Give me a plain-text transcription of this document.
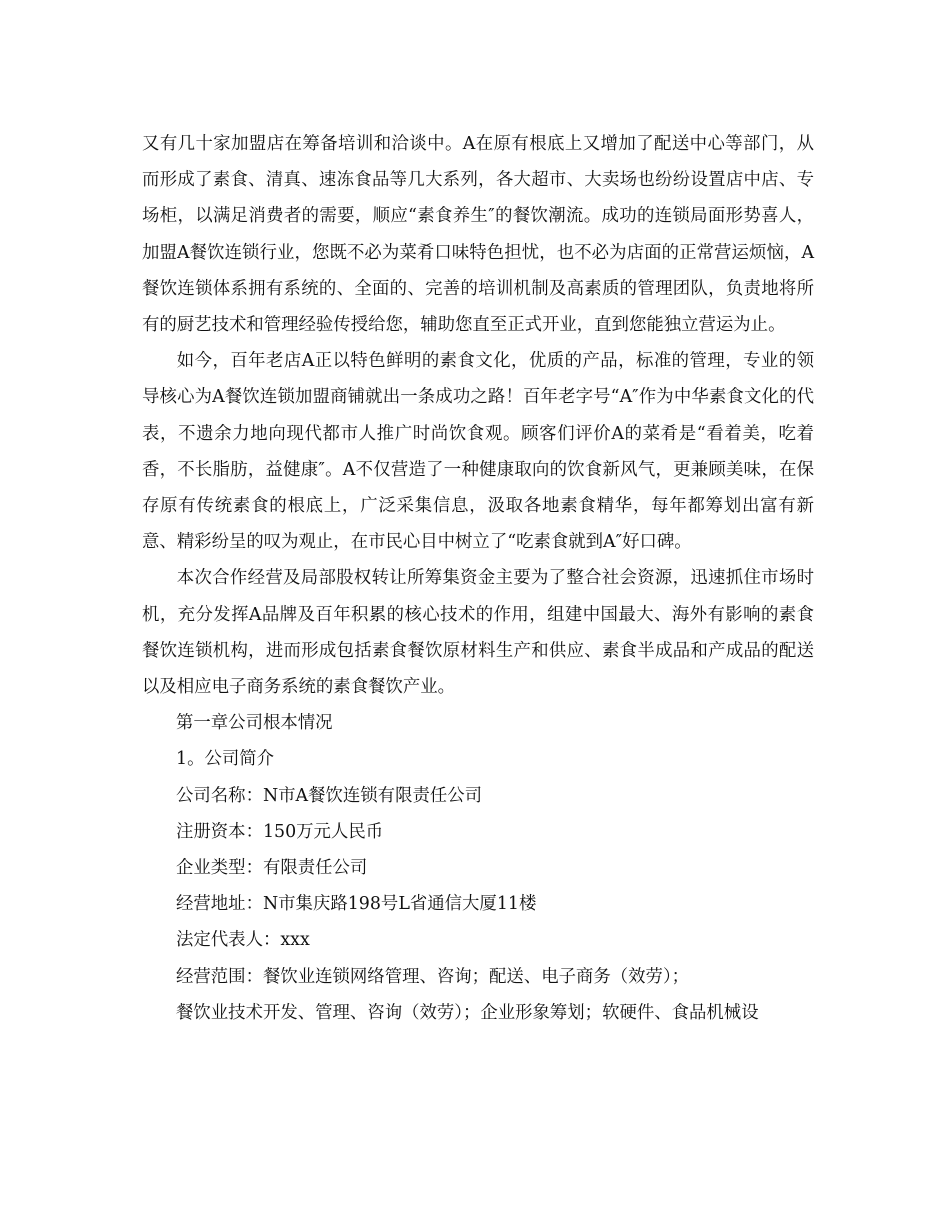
又有几十家加盟店在筹备培训和洽谈中。A在原有根底上又增加了配送中心等部门，从而形成了素食、清真、速冻食品等几大系列，各大超市、大卖场也纷纷设置店中店、专场柜，以满足消费者的需要，顺应“素食养生″的餐饮潮流。成功的连锁局面形势喜人，加盟A餐饮连锁行业，您既不必为菜肴口味特色担忧，也不必为店面的正常营运烦恼，A餐饮连锁体系拥有系统的、全面的、完善的培训机制及高素质的管理团队，负责地将所有的厨艺技术和管理经验传授给您，辅助您直至正式开业，直到您能独立营运为止。

如今，百年老店A正以特色鲜明的素食文化，优质的产品，标准的管理，专业的领导核心为A餐饮连锁加盟商铺就出一条成功之路！百年老字号“A″作为中华素食文化的代表，不遗余力地向现代都市人推广时尚饮食观。顾客们评价A的菜肴是“看着美，吃着香，不长脂肪，益健康″。A不仅营造了一种健康取向的饮食新风气，更兼顾美味，在保存原有传统素食的根底上，广泛采集信息，汲取各地素食精华，每年都筹划出富有新意、精彩纷呈的叹为观止，在市民心目中树立了“吃素食就到A″好口碑。

本次合作经营及局部股权转让所筹集资金主要为了整合社会资源，迅速抓住市场时机，充分发挥A品牌及百年积累的核心技术的作用，组建中国最大、海外有影响的素食餐饮连锁机构，进而形成包括素食餐饮原材料生产和供应、素食半成品和产成品的配送以及相应电子商务系统的素食餐饮产业。

第一章公司根本情况

1。公司简介

公司名称：N市A餐饮连锁有限责任公司

注册资本：150万元人民币

企业类型：有限责任公司

经营地址：N市集庆路198号L省通信大厦11楼

法定代表人：xxx

经营范围：餐饮业连锁网络管理、咨询；配送、电子商务（效劳）；

餐饮业技术开发、管理、咨询（效劳）；企业形象筹划；软硬件、食品机械设
